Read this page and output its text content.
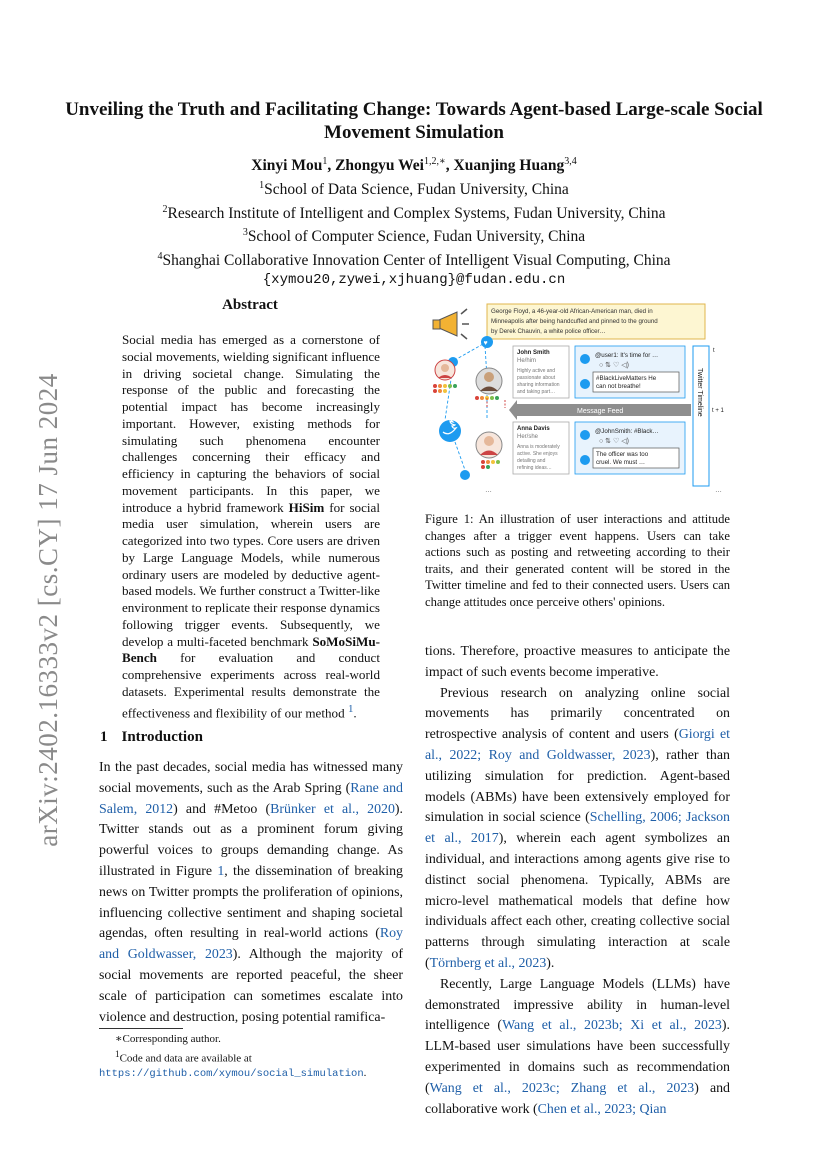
Unveiling the Truth and Facilitating Change: Towards Agent-based Large-scale Social Movement Simulation
Xinyi Mou$^1$, Zhongyu Wei$^{1,2,∗}$, Xuanjing Huang$^{3,4}$
$^1$School of Data Science, Fudan University, China
$^2$Research Institute of Intelligent and Complex Systems, Fudan University, China
$^3$School of Computer Science, Fudan University, China
$^4$Shanghai Collaborative Innovation Center of Intelligent Visual Computing, China
{xymou20,zywei,xjhuang}@fudan.edu.cn
arXiv:2402.16333v2 [cs.CY] 17 Jun 2024
Abstract
Social media has emerged as a cornerstone of social movements, wielding significant influence in driving societal change. Simulating the response of the public and forecasting the potential impact has become increasingly important. However, existing methods for simulating such phenomena encounter challenges concerning their efficacy and efficiency in capturing the behaviors of social movement participants. In this paper, we introduce a hybrid framework HiSim for social media user simulation, wherein users are categorized into two types. Core users are driven by Large Language Models, while numerous ordinary users are modeled by deductive agent-based models. We further construct a Twitter-like environment to replicate their response dynamics following trigger events. Subsequently, we develop a multi-faceted benchmark SoMoSiMu-Bench for evaluation and conduct comprehensive experiments across real-world datasets. Experimental results demonstrate the effectiveness and flexibility of our method $^1$.
1 Introduction

In the past decades, social media has witnessed many social movements, such as the Arab Spring (Rane and Salem, 2012) and #Metoo (Brünker et al., 2020). Twitter stands out as a prominent forum giving powerful voices to groups demanding change. As illustrated in Figure 1, the dissemination of breaking news on Twitter prompts the proliferation of opinions, influencing collective sentiment and shaping societal agendas, often resulting in real-world actions (Roy and Goldwasser, 2023). Although the majority of social movements are reported peaceful, the sheer scale of participation can sometimes escalate into violence and destruction, posing potential ramifica-

∗Corresponding author.
$^1$Code and data are available at https://github.com/xymou/social_simulation.
George Floyd, a 46-year-old African-American man, died in Minneapolis after being handcuffed and pinned to the ground by Derek Chauvin, a white police officer…
♥
John Smith He/him Highly active and passionate about sharing information and taking part…
@user1: It's time for …
○ ⇅ ♡ ◁)
#BlackLiveMatters He can not breathe!
Message Feed
Anna Davis Her/she Anna is moderately active. She enjoys detailing and refining ideas…
@JohnSmith: #Black…
○ ⇅ ♡ ◁)
The officer was too cruel. We must …
Twitter Timeline
t
t + 1
…	…
Figure 1: An illustration of user interactions and attitude changes after a trigger event happens. Users can take actions such as posting and retweeting according to their traits, and their generated content will be stored in the Twitter timeline and fed to their connected users. Users can change attitudes once perceive others' opinions.

tions. Therefore, proactive measures to anticipate the impact of such events become imperative.

Previous research on analyzing online social movements has primarily concentrated on retrospective analysis of content and users (Giorgi et al., 2022; Roy and Goldwasser, 2023), rather than utilizing simulation for prediction. Agent-based models (ABMs) have been extensively employed for simulation in social science (Schelling, 2006; Jackson et al., 2017), wherein each agent symbolizes an individual, and interactions among agents give rise to distinct social phenomena. Typically, ABMs are micro-level mathematical models that define how individuals affect each other, creating collective social patterns through simulating interaction at scale (Törnberg et al., 2023).

Recently, Large Language Models (LLMs) have demonstrated impressive ability in human-level intelligence (Wang et al., 2023b; Xi et al., 2023). LLM-based user simulations have been successfully experimented in domains such as recommendation (Wang et al., 2023c; Zhang et al., 2023) and collaborative work (Chen et al., 2023; Qian
